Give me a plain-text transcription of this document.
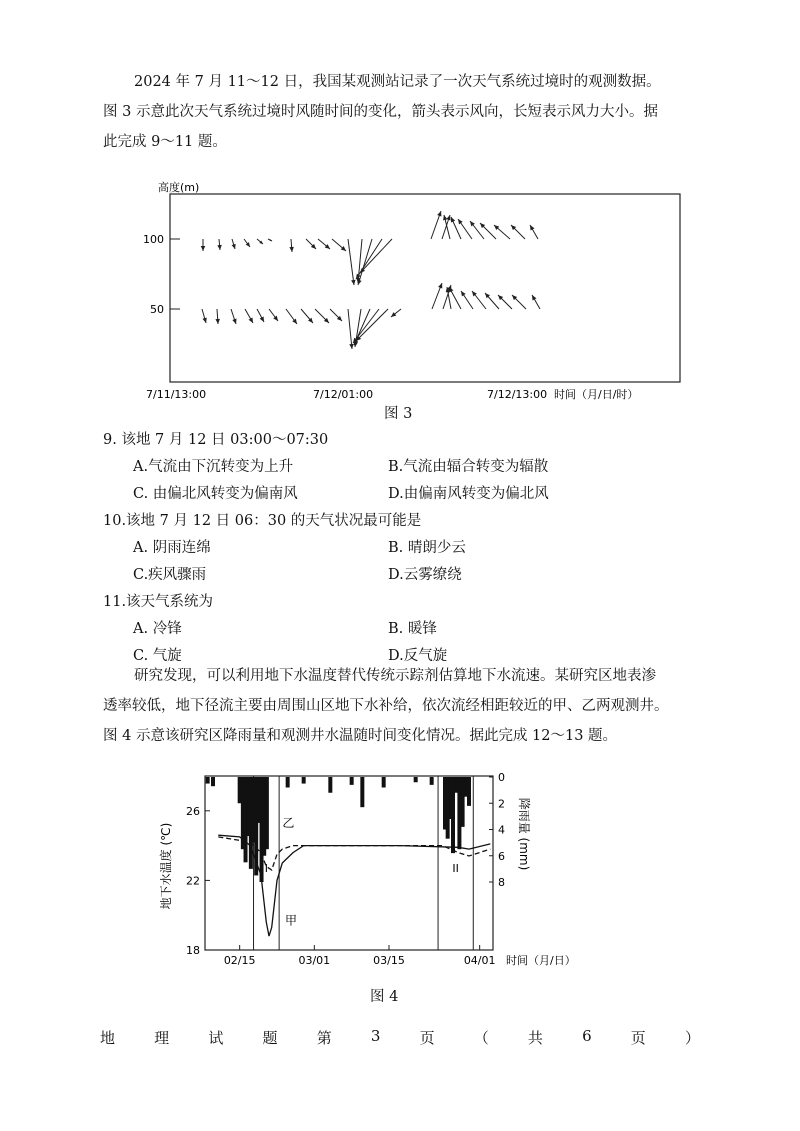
2024 年 7 月 11～12 日，我国某观测站记录了一次天气系统过境时的观测数据。
图 3 示意此次天气系统过境时风随时间的变化，箭头表示风向，长短表示风力大小。据
此完成 9～11 题。
高度(m)
100
50
7/11/13:00	7/12/01:00	7/12/13:00 时间（月/日/时）
图 3
9. 该地 7 月 12 日 03:00～07:30
A.气流由下沉转变为上升	B.气流由辐合转变为辐散
C. 由偏北风转变为偏南风	D.由偏南风转变为偏北风
10.该地 7 月 12 日 06：30 的天气状况最可能是
A. 阴雨连绵	B. 晴朗少云
C.疾风骤雨	D.云雾缭绕
11.该天气系统为
A. 冷锋	B. 暖锋
C. 气旋	D.反气旋
研究发现，可以利用地下水温度替代传统示踪剂估算地下水流速。某研究区地表渗
透率较低，地下径流主要由周围山区地下水补给，依次流经相距较近的甲、乙两观测井。
图 4 示意该研究区降雨量和观测井水温随时间变化情况。据此完成 12～13 题。
地下水温度 (℃)	降雨量 (mm)
时间（月/日）
18
22
26
0
2
4
6
8
02/15	03/01	03/15	04/01
I	II
甲
乙
图 4
地	理	试	题	第	3	页	（	共	6	页	）
